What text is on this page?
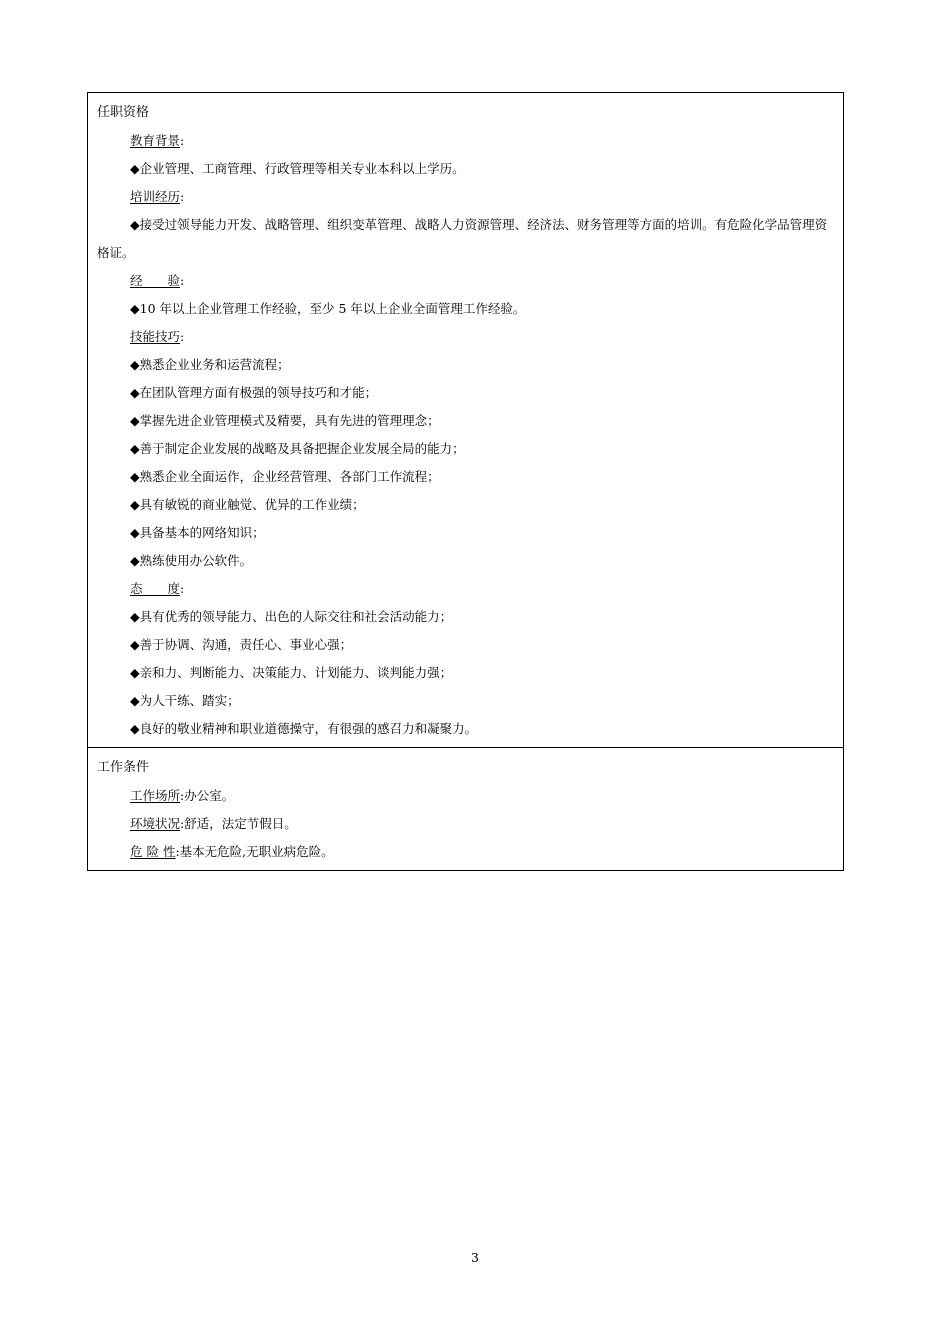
任职资格
教育背景:
◆企业管理、工商管理、行政管理等相关专业本科以上学历。
培训经历:
◆接受过领导能力开发、战略管理、组织变革管理、战略人力资源管理、经济法、财务管理等方面的培训。有危险化学品管理资格证。
经　　验:
◆10 年以上企业管理工作经验，至少 5 年以上企业全面管理工作经验。
技能技巧:
◆熟悉企业业务和运营流程；
◆在团队管理方面有极强的领导技巧和才能；
◆掌握先进企业管理模式及精要，具有先进的管理理念；
◆善于制定企业发展的战略及具备把握企业发展全局的能力；
◆熟悉企业全面运作，企业经营管理、各部门工作流程；
◆具有敏锐的商业触觉、优异的工作业绩；
◆具备基本的网络知识；
◆熟练使用办公软件。
态　　度:
◆具有优秀的领导能力、出色的人际交往和社会活动能力；
◆善于协调、沟通，责任心、事业心强；
◆亲和力、判断能力、决策能力、计划能力、谈判能力强；
◆为人干练、踏实；
◆良好的敬业精神和职业道德操守，有很强的感召力和凝聚力。
工作条件
工作场所:办公室。
环境状况:舒适，法定节假日。
危 险 性:基本无危险,无职业病危险。
3
